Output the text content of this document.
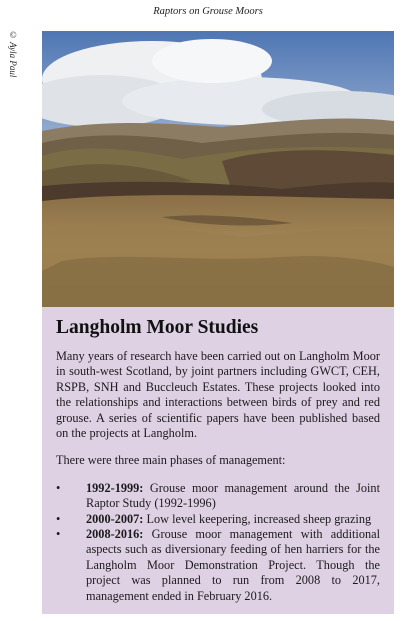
Raptors on Grouse Moors
© Ayla Paul
Langholm Moor Studies

Many years of research have been carried out on Langholm Moor in south-west Scotland, by joint partners including GWCT, CEH, RSPB, SNH and Buccleuch Estates. These projects looked into the relationships and interactions between birds of prey and red grouse. A series of scientific papers have been published based on the projects at Langholm.

There were three main phases of management:

• 1992-1999: Grouse moor management around the Joint Raptor Study (1992-1996)
• 2000-2007: Low level keepering, increased sheep grazing
• 2008-2016: Grouse moor management with additional aspects such as diversionary feeding of hen harriers for the Langholm Moor Demonstration Project. Though the project was planned to run from 2008 to 2017, management ended in February 2016.
